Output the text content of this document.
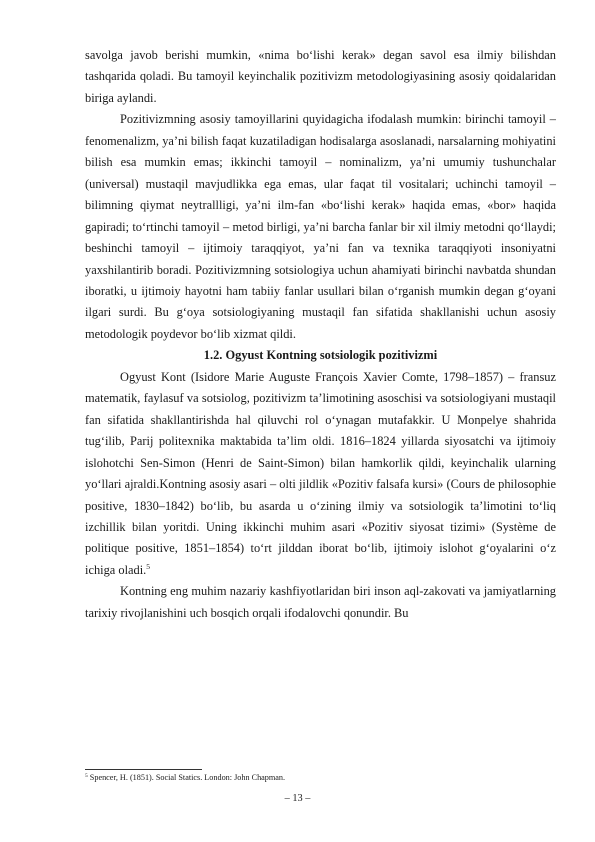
savolga javob berishi mumkin, «nima bo‘lishi kerak» degan savol esa ilmiy bilishdan tashqarida qoladi. Bu tamoyil keyinchalik pozitivizm metodologiyasining asosiy qoidalaridan biriga aylandi.

Pozitivizmning asosiy tamoyillarini quyidagicha ifodalash mumkin: birinchi tamoyil – fenomenalizm, ya’ni bilish faqat kuzatiladigan hodisalarga asoslanadi, narsalarning mohiyatini bilish esa mumkin emas; ikkinchi tamoyil – nominalizm, ya’ni umumiy tushunchalar (universal) mustaqil mavjudlikka ega emas, ular faqat til vositalari; uchinchi tamoyil – bilimning qiymat neytrallligi, ya’ni ilm-fan «bo‘lishi kerak» haqida emas, «bor» haqida gapiradi; to‘rtinchi tamoyil – metod birligi, ya’ni barcha fanlar bir xil ilmiy metodni qo‘llaydi; beshinchi tamoyil – ijtimoiy taraqqiyot, ya’ni fan va texnika taraqqiyoti insoniyatni yaxshilantirib boradi. Pozitivizmning sotsiologiya uchun ahamiyati birinchi navbatda shundan iboratki, u ijtimoiy hayotni ham tabiiy fanlar usullari bilan o‘rganish mumkin degan g‘oyani ilgari surdi. Bu g‘oya sotsiologiyaning mustaqil fan sifatida shakllanishi uchun asosiy metodologik poydevor bo‘lib xizmat qildi.

1.2. Ogyust Kontning sotsiologik pozitivizmi

Ogyust Kont (Isidore Marie Auguste François Xavier Comte, 1798–1857) – fransuz matematik, faylasuf va sotsiolog, pozitivizm ta’limotining asoschisi va sotsiologiyani mustaqil fan sifatida shakllantirishda hal qiluvchi rol o‘ynagan mutafakkir. U Monpelye shahrida tug‘ilib, Parij politexnika maktabida ta’lim oldi. 1816–1824 yillarda siyosatchi va ijtimoiy islohotchi Sen-Simon (Henri de Saint-Simon) bilan hamkorlik qildi, keyinchalik ularning yo‘llari ajraldi.Kontning asosiy asari – olti jildlik «Pozitiv falsafa kursi» (Cours de philosophie positive, 1830–1842) bo‘lib, bu asarda u o‘zining ilmiy va sotsiologik ta’limotini to‘liq izchillik bilan yoritdi. Uning ikkinchi muhim asari «Pozitiv siyosat tizimi» (Système de politique positive, 1851–1854) to‘rt jilddan iborat bo‘lib, ijtimoiy islohot g‘oyalarini o‘z ichiga oladi.$^5$

Kontning eng muhim nazariy kashfiyotlaridan biri inson aql-zakovati va jamiyatlarning tarixiy rivojlanishini uch bosqich orqali ifodalovchi qonundir. Bu

$^5$ Spencer, H. (1851). Social Statics. London: John Chapman.

– 13 –
